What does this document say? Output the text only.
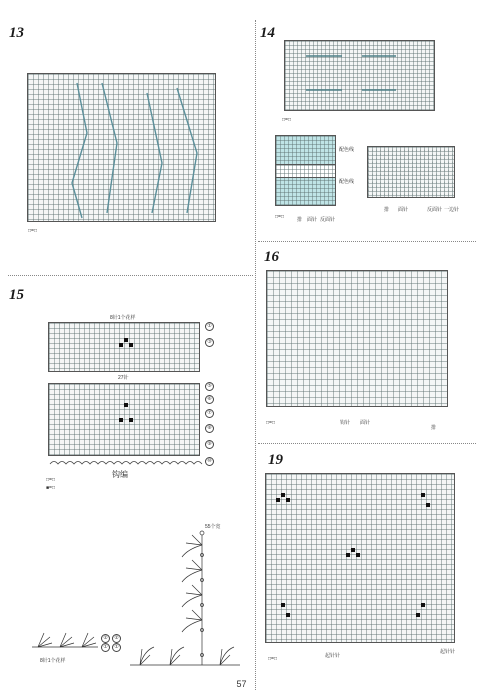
13
□=□
14
□=□
配色线
配色线
排 面针 反面针
□=□
排 面针	反面针 一边针
15
8针1个花样
27针
①
③
⑤
⑥
⑦
⑧
⑨
⑩
钩编
□=□
■=□
55个宽
②
①
②
①
8针1个花样
16
钩针 面针
排
□=□
19
□=□	起针针
起针针
57
